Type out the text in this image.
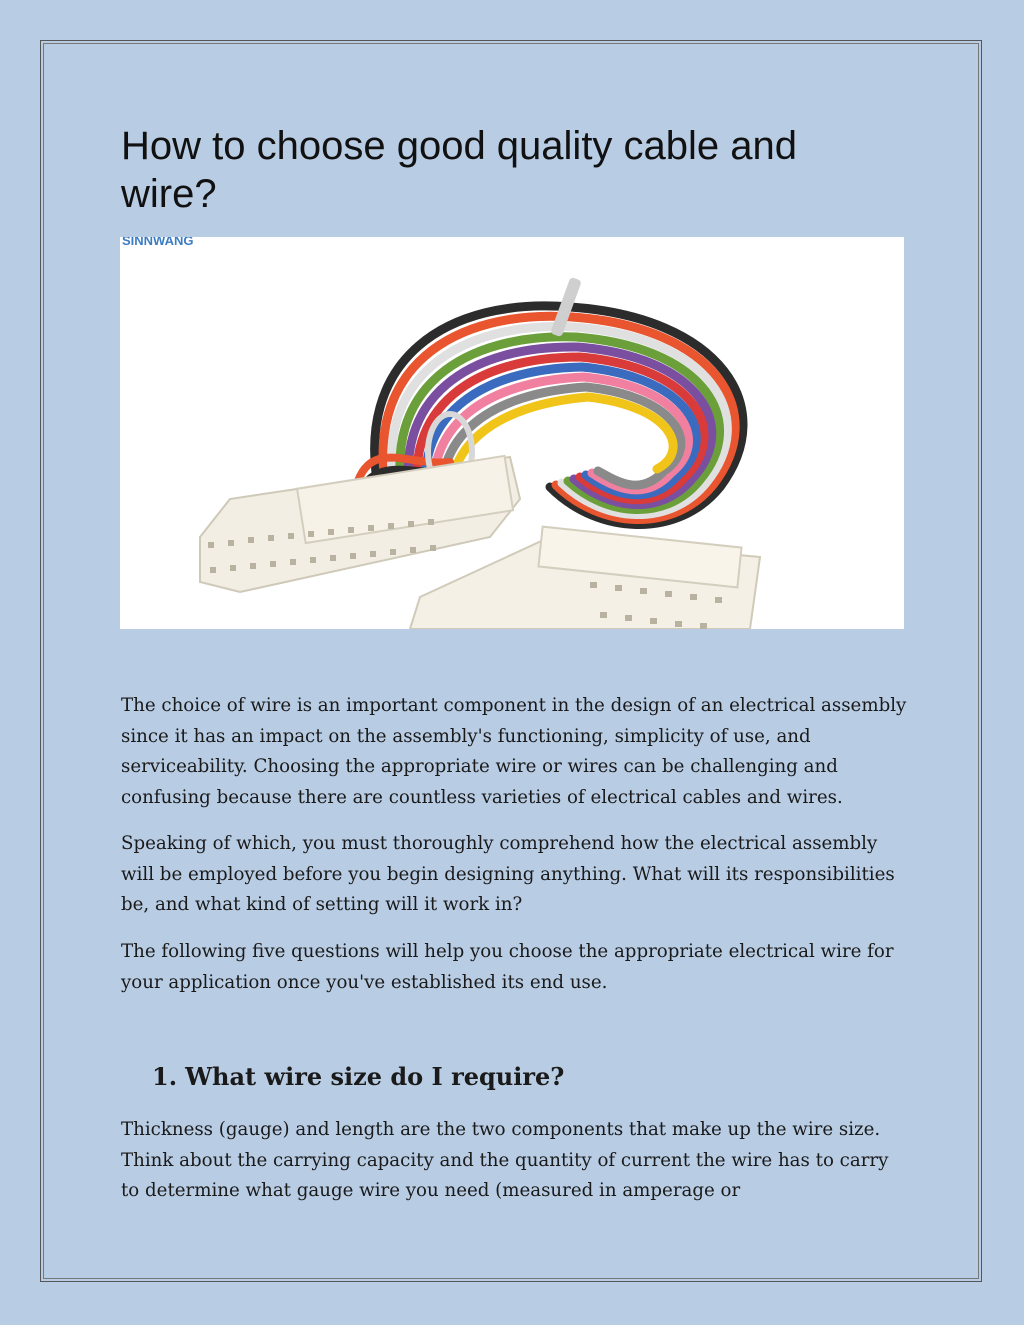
How to choose good quality cable and wire?
SINNWANG

The choice of wire is an important component in the design of an electrical assembly since it has an impact on the assembly's functioning, simplicity of use, and serviceability. Choosing the appropriate wire or wires can be challenging and confusing because there are countless varieties of electrical cables and wires.

Speaking of which, you must thoroughly comprehend how the electrical assembly will be employed before you begin designing anything. What will its responsibilities be, and what kind of setting will it work in?

The following five questions will help you choose the appropriate electrical wire for your application once you've established its end use.

1. What wire size do I require?

Thickness (gauge) and length are the two components that make up the wire size. Think about the carrying capacity and the quantity of current the wire has to carry to determine what gauge wire you need (measured in amperage or
